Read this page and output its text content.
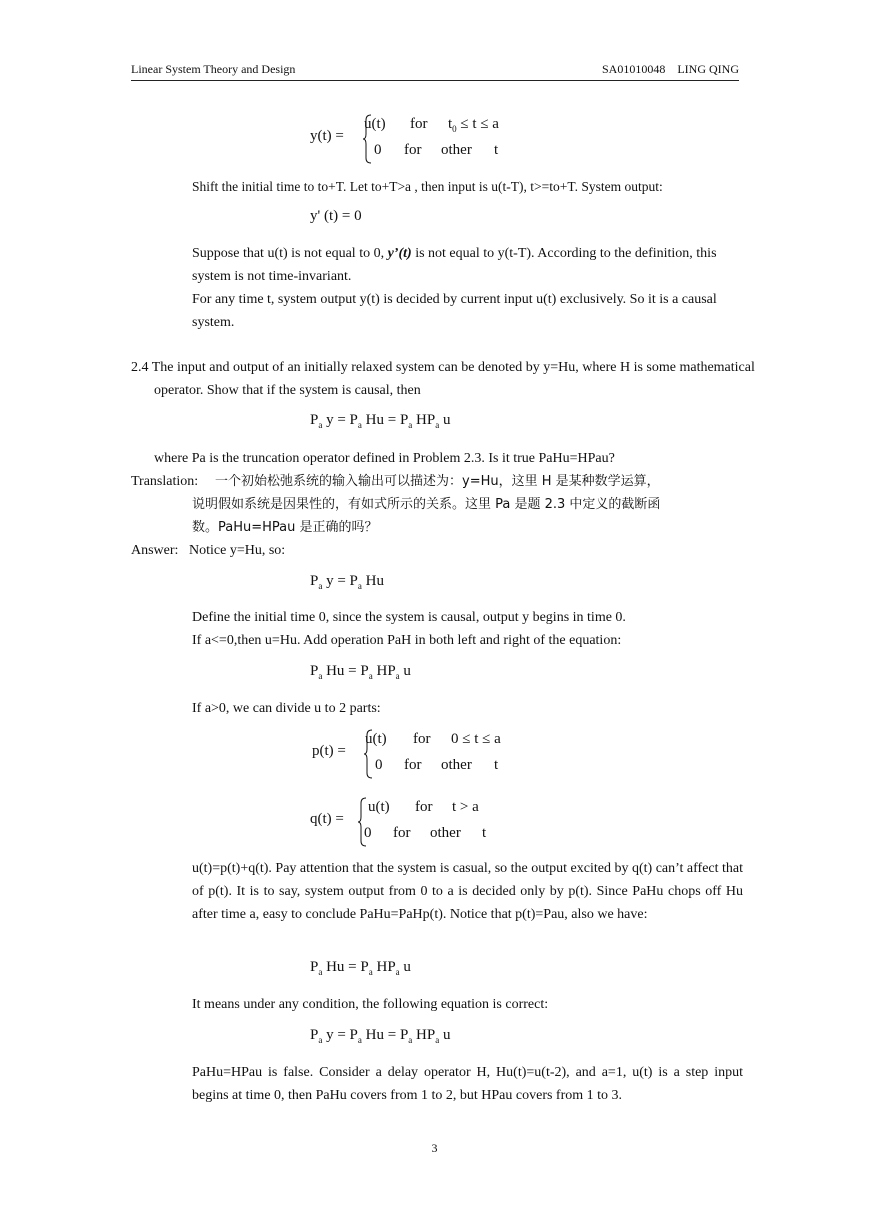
Linear System Theory and Design	SA01010048    LING QING
y(t) =
u(t) for $t_0 \le t \le a$
0 for other t
Shift the initial time to to+T. Let to+T>a , then input is u(t-T), t>=to+T. System output:
y' (t) = 0
Suppose that u(t) is not equal to 0, y’(t) is not equal to y(t-T). According to the definition, this system is not time-invariant.
For any time t, system output y(t) is decided by current input u(t) exclusively. So it is a causal system.
2.4 The input and output of an initially relaxed system can be denoted by y=Hu, where H is some mathematical operator. Show that if the system is causal, then
$P_a$ $y = P_a$ $Hu = P_a$ $HP_a$ u
where Pa is the truncation operator defined in Problem 2.3. Is it true PaHu=HPau?
Translation: 一个初始松弛系统的输入输出可以描述为：y=Hu，这里 H 是某种数学运算，
说明假如系统是因果性的，有如式所示的关系。这里 Pa 是题 2.3 中定义的截断函
数。PaHu=HPau 是正确的吗？
Answer: Notice y=Hu, so:
$P_a$ $y = P_a$ Hu
Define the initial time 0, since the system is causal, output y begins in time 0.
If a<=0,then u=Hu. Add operation PaH in both left and right of the equation:
$P_a$ $Hu = P_a$ $HP_a$ u
If a>0, we can divide u to 2 parts:
p(t) =
u(t) for 0 ≤ t ≤ a
0 for other t
q(t) =
u(t) for t > a
0 for other t
u(t)=p(t)+q(t). Pay attention that the system is casual, so the output excited by q(t) can’t affect that of p(t). It is to say, system output from 0 to a is decided only by p(t). Since PaHu chops off Hu after time a, easy to conclude PaHu=PaHp(t). Notice that p(t)=Pau, also we have:
$P_a$ $Hu = P_a$ $HP_a$ u
It means under any condition, the following equation is correct:
$P_a$ $y = P_a$ $Hu = P_a$ $HP_a$ u
PaHu=HPau is false. Consider a delay operator H, Hu(t)=u(t-2), and a=1, u(t) is a step input begins at time 0, then PaHu covers from 1 to 2, but HPau covers from 1 to 3.
3
